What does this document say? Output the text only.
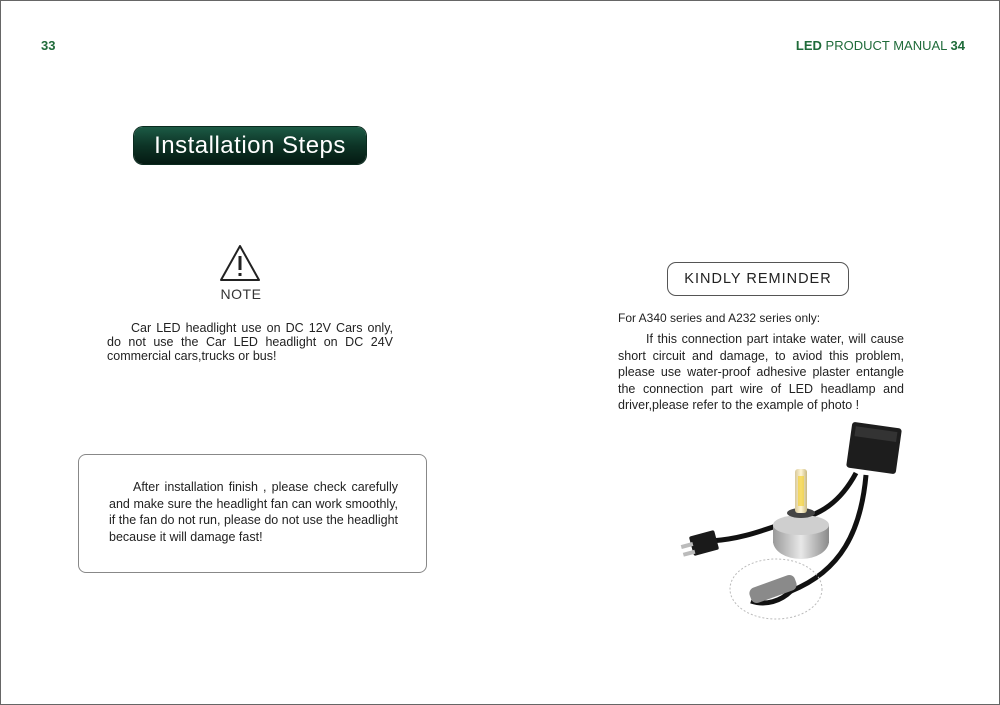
33	LED PRODUCT MANUAL 34
Installation Steps
NOTE
Car LED headlight use on DC 12V Cars only, do not use the Car LED headlight on DC 24V commercial cars,trucks or bus!
After installation finish , please check carefully and make sure the headlight fan can work smoothly, if the fan do not run, please do not use the headlight because it will damage fast!
KINDLY REMINDER
For A340 series and A232 series only:
If this connection part intake water, will cause short circuit and damage, to aviod this problem, please use water-proof adhesive plaster entangle the connection part wire of LED headlamp and driver,please refer to the example of photo !
